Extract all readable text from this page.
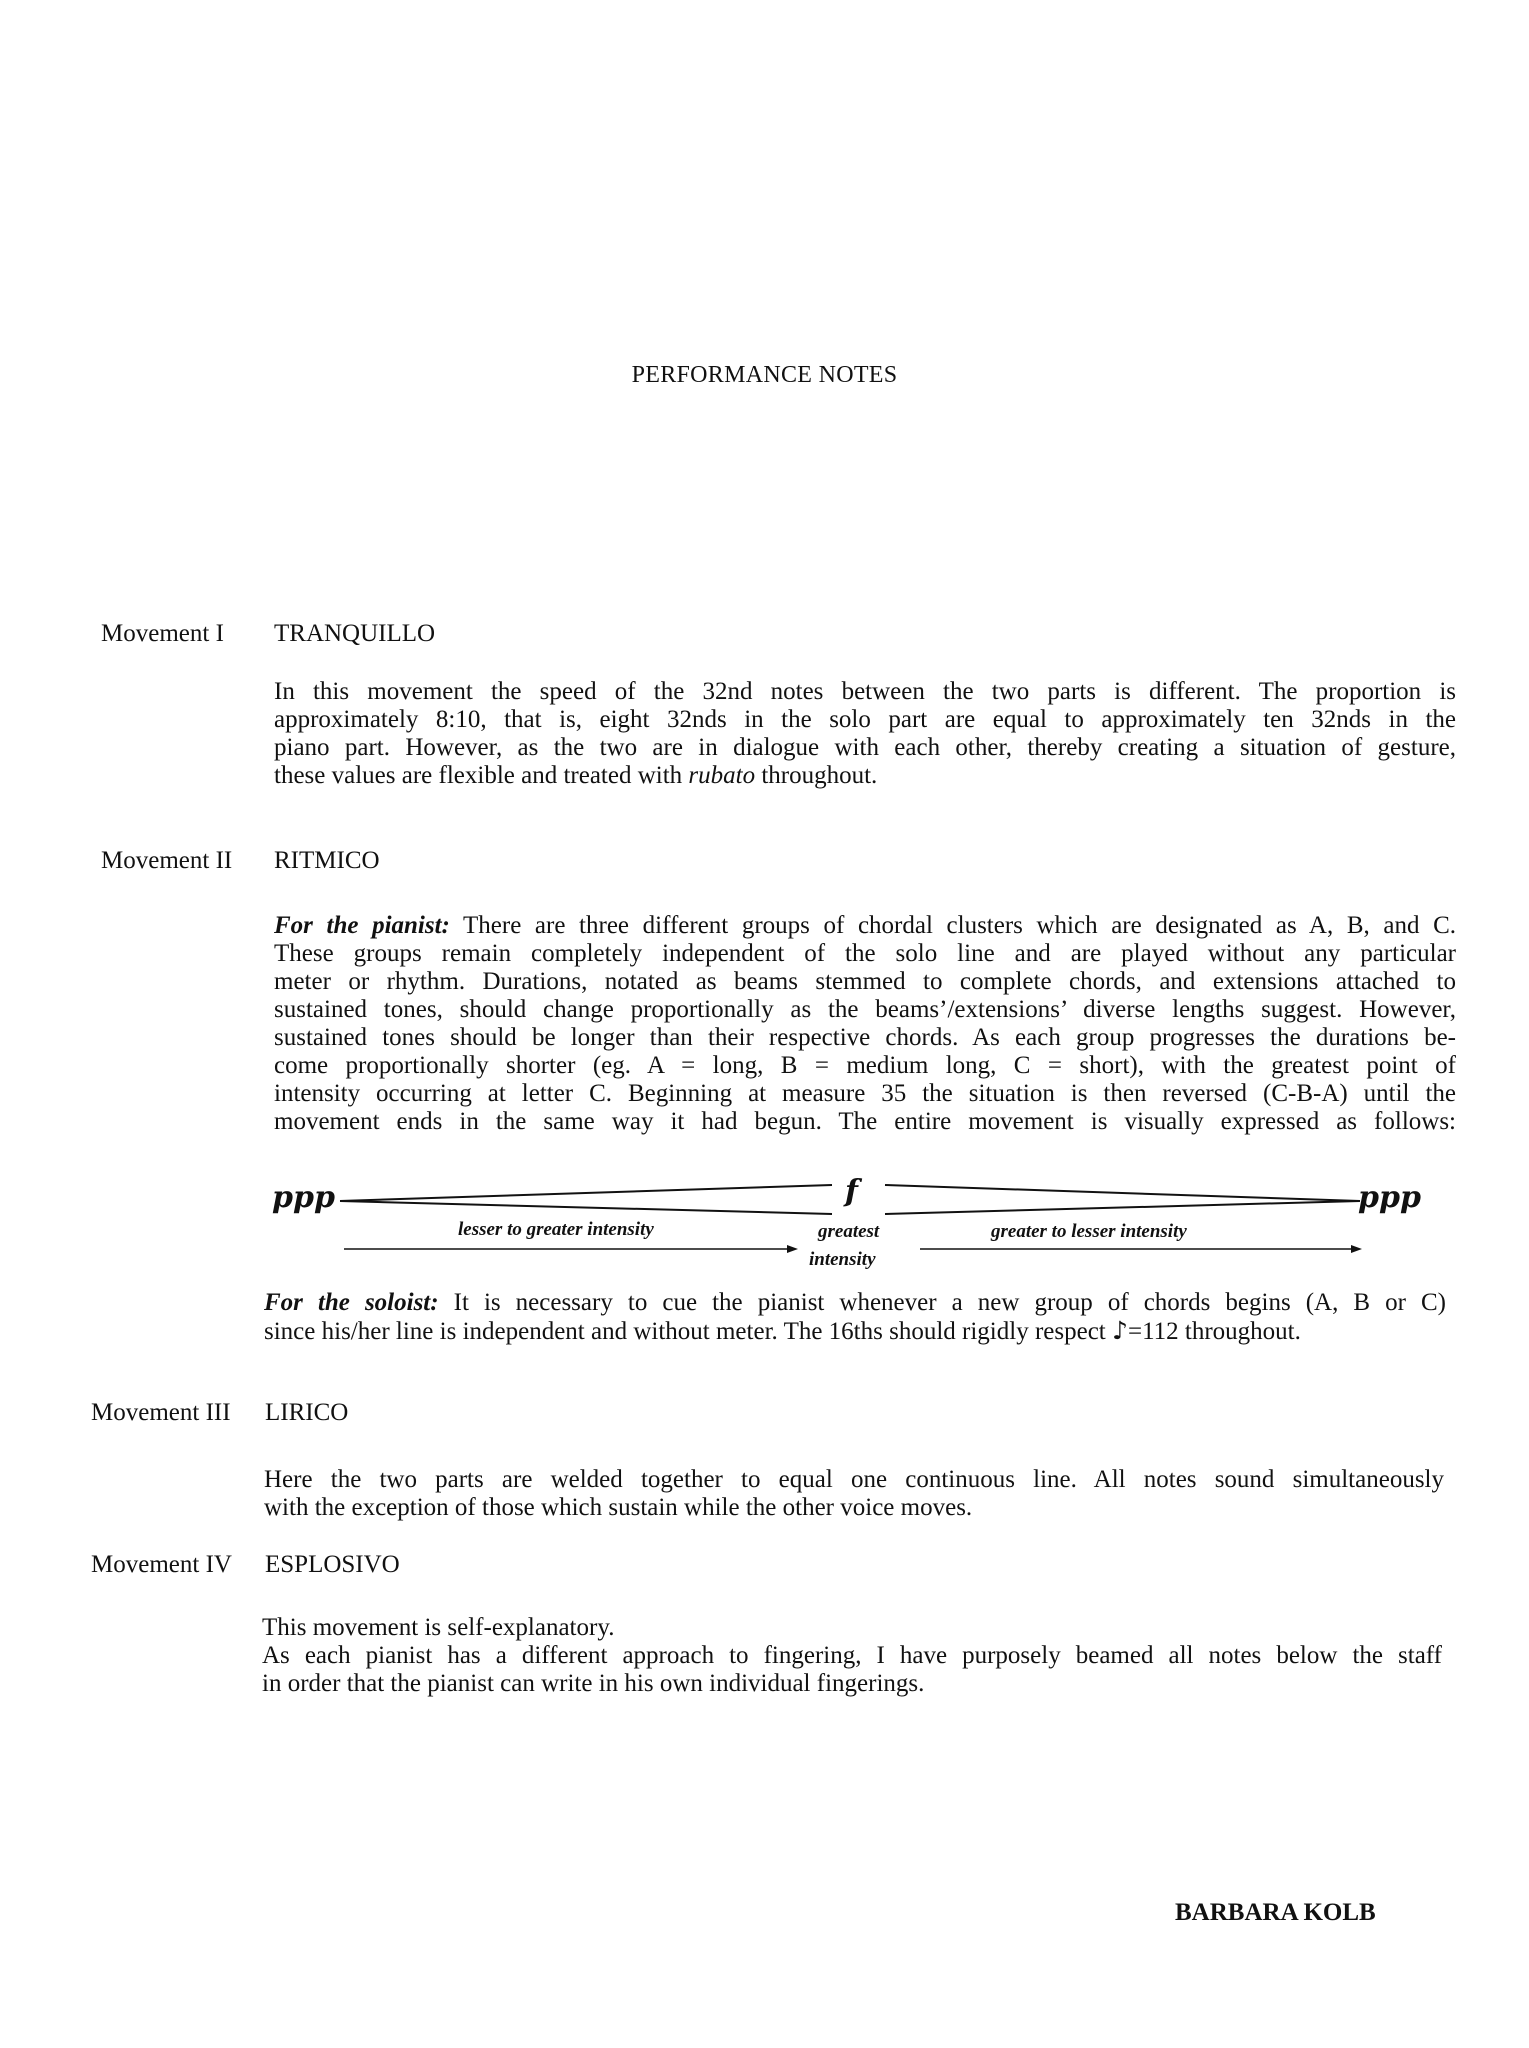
PERFORMANCE NOTES
Movement I TRANQUILLO
In this movement the speed of the 32nd notes between the two parts is different. The proportion is
approximately 8:10, that is, eight 32nds in the solo part are equal to approximately ten 32nds in the
piano part. However, as the two are in dialogue with each other, thereby creating a situation of gesture,
these values are flexible and treated with rubato throughout.
Movement II RITMICO
For the pianist: There are three different groups of chordal clusters which are designated as A, B, and C.
These groups remain completely independent of the solo line and are played without any particular
meter or rhythm. Durations, notated as beams stemmed to complete chords, and extensions attached to
sustained tones, should change proportionally as the beams’/extensions’ diverse lengths suggest. However,
sustained tones should be longer than their respective chords. As each group progresses the durations be-
come proportionally shorter (eg. A = long, B = medium long, C = short), with the greatest point of
intensity occurring at letter C. Beginning at measure 35 the situation is then reversed (C-B-A) until the
movement ends in the same way it had begun. The entire movement is visually expressed as follows:
ppp	f	ppp
lesser to greater intensity	greatest
intensity
greater to lesser intensity
For the soloist: It is necessary to cue the pianist whenever a new group of chords begins (A, B or C)
since his/her line is independent and without meter. The 16ths should rigidly respect ♪=112 throughout.
Movement III LIRICO
Here the two parts are welded together to equal one continuous line. All notes sound simultaneously
with the exception of those which sustain while the other voice moves.
Movement IV ESPLOSIVO
This movement is self-explanatory.
As each pianist has a different approach to fingering, I have purposely beamed all notes below the staff
in order that the pianist can write in his own individual fingerings.
BARBARA KOLB
